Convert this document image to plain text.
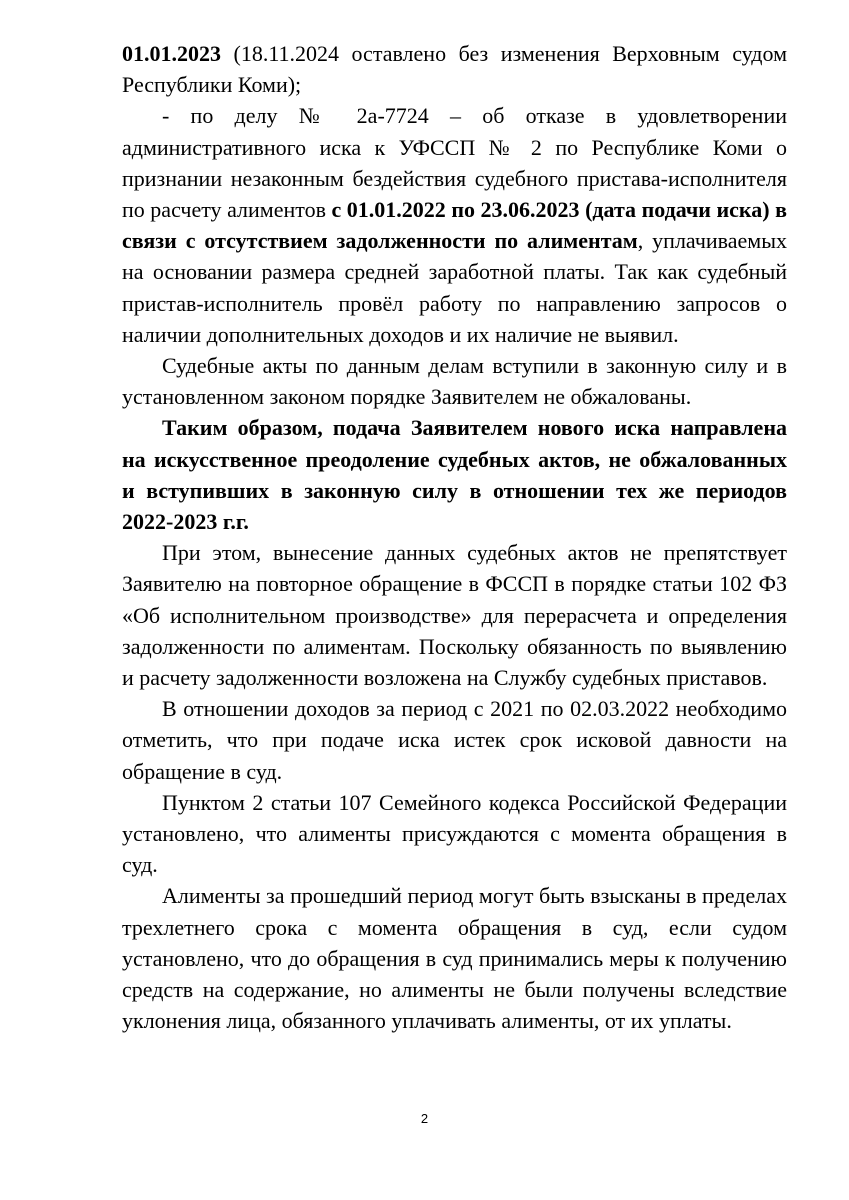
01.01.2023 (18.11.2024 оставлено без изменения Верховным судом Республики Коми);

- по делу № 2а-7724 – об отказе в удовлетворении административного иска к УФССП № 2 по Республике Коми о признании незаконным бездействия судебного пристава-исполнителя по расчету алиментов с 01.01.2022 по 23.06.2023 (дата подачи иска) в связи с отсутствием задолженности по алиментам, уплачиваемых на основании размера средней заработной платы. Так как судебный пристав-исполнитель провёл работу по направлению запросов о наличии дополнительных доходов и их наличие не выявил.

Судебные акты по данным делам вступили в законную силу и в установленном законом порядке Заявителем не обжалованы.

Таким образом, подача Заявителем нового иска направлена на искусственное преодоление судебных актов, не обжалованных и вступивших в законную силу в отношении тех же периодов 2022-2023 г.г.

При этом, вынесение данных судебных актов не препятствует Заявителю на повторное обращение в ФССП в порядке статьи 102 ФЗ «Об исполнительном производстве» для перерасчета и определения задолженности по алиментам. Поскольку обязанность по выявлению и расчету задолженности возложена на Службу судебных приставов.

В отношении доходов за период с 2021 по 02.03.2022 необходимо отметить, что при подаче иска истек срок исковой давности на обращение в суд.

Пунктом 2 статьи 107 Семейного кодекса Российской Федерации установлено, что алименты присуждаются с момента обращения в суд.

Алименты за прошедший период могут быть взысканы в пределах трехлетнего срока с момента обращения в суд, если судом установлено, что до обращения в суд принимались меры к получению средств на содержание, но алименты не были получены вследствие уклонения лица, обязанного уплачивать алименты, от их уплаты.

2
